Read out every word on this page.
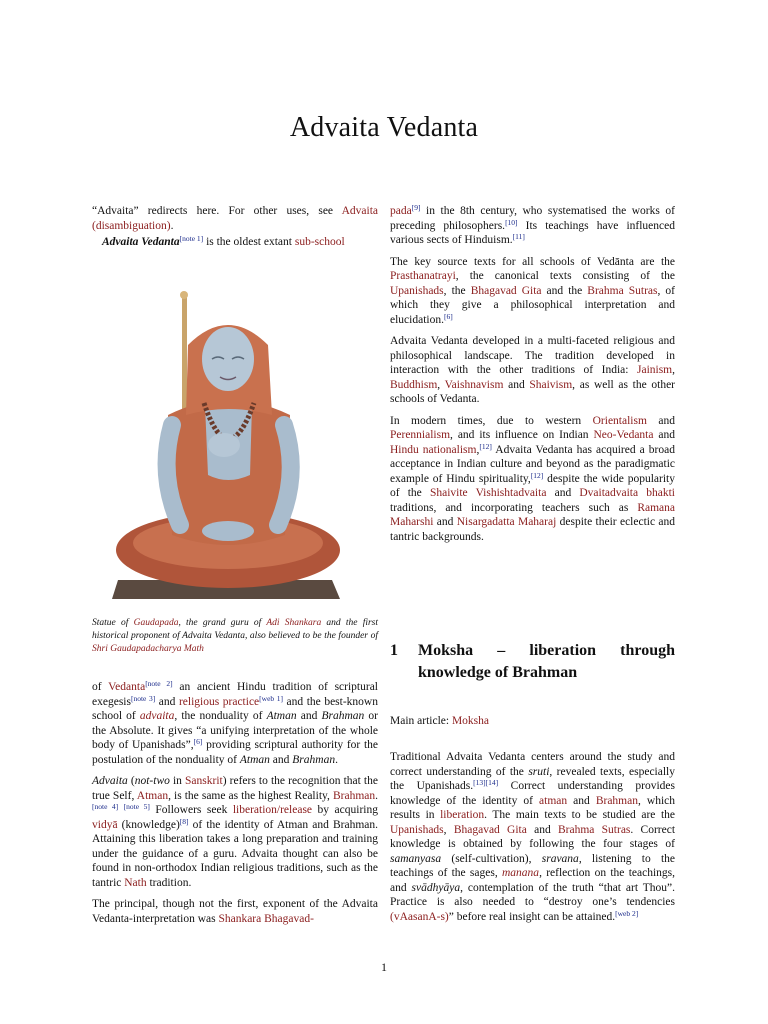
Advaita Vedanta

“Advaita” redirects here. For other uses, see Advaita (disambiguation).

Advaita Vedanta[note 1] is the oldest extant sub-school

Statue of Gaudapada, the grand guru of Adi Shankara and the first historical proponent of Advaita Vedanta, also believed to be the founder of Shri Gaudapadacharya Math

of Vedanta[note 2] an ancient Hindu tradition of scriptural exegesis[note 3] and religious practice[web 1] and the best-known school of advaita, the nonduality of Atman and Brahman or the Absolute. It gives “a unifying interpretation of the whole body of Upanishads”,[6] providing scriptural authority for the postulation of the nonduality of Atman and Brahman.

Advaita (not-two in Sanskrit) refers to the recognition that the true Self, Atman, is the same as the highest Reality, Brahman. [note 4] [note 5] Followers seek liberation/release by acquiring vidyā (knowledge)[8] of the identity of Atman and Brahman. Attaining this liberation takes a long preparation and training under the guidance of a guru. Advaita thought can also be found in non-orthodox Indian religious traditions, such as the tantric Nath tradition.

The principal, though not the first, exponent of the Advaita Vedanta-interpretation was Shankara Bhagavad-

pada[9] in the 8th century, who systematised the works of preceding philosophers.[10] Its teachings have influenced various sects of Hinduism.[11]

The key source texts for all schools of Vedānta are the Prasthanatrayi, the canonical texts consisting of the Upanishads, the Bhagavad Gita and the Brahma Sutras, of which they give a philosophical interpretation and elucidation.[6]

Advaita Vedanta developed in a multi-faceted religious and philosophical landscape. The tradition developed in interaction with the other traditions of India: Jainism, Buddhism, Vaishnavism and Shaivism, as well as the other schools of Vedanta.

In modern times, due to western Orientalism and Perennialism, and its influence on Indian Neo-Vedanta and Hindu nationalism,[12] Advaita Vedanta has acquired a broad acceptance in Indian culture and beyond as the paradigmatic example of Hindu spirituality,[12] despite the wide popularity of the Shaivite Vishishtadvaita and Dvaitadvaita bhakti traditions, and incorporating teachers such as Ramana Maharshi and Nisargadatta Maharaj despite their eclectic and tantric backgrounds.

1 Moksha – liberation through knowledge of Brahman

Main article: Moksha

Traditional Advaita Vedanta centers around the study and correct understanding of the sruti, revealed texts, especially the Upanishads.[13][14] Correct understanding provides knowledge of the identity of atman and Brahman, which results in liberation. The main texts to be studied are the Upanishads, Bhagavad Gita and Brahma Sutras. Correct knowledge is obtained by following the four stages of samanyasa (self-cultivation), sravana, listening to the teachings of the sages, manana, reflection on the teachings, and svādhyāya, contemplation of the truth “that art Thou”. Practice is also needed to “destroy one’s tendencies (vAasanA-s)” before real insight can be attained.[web 2]

1
